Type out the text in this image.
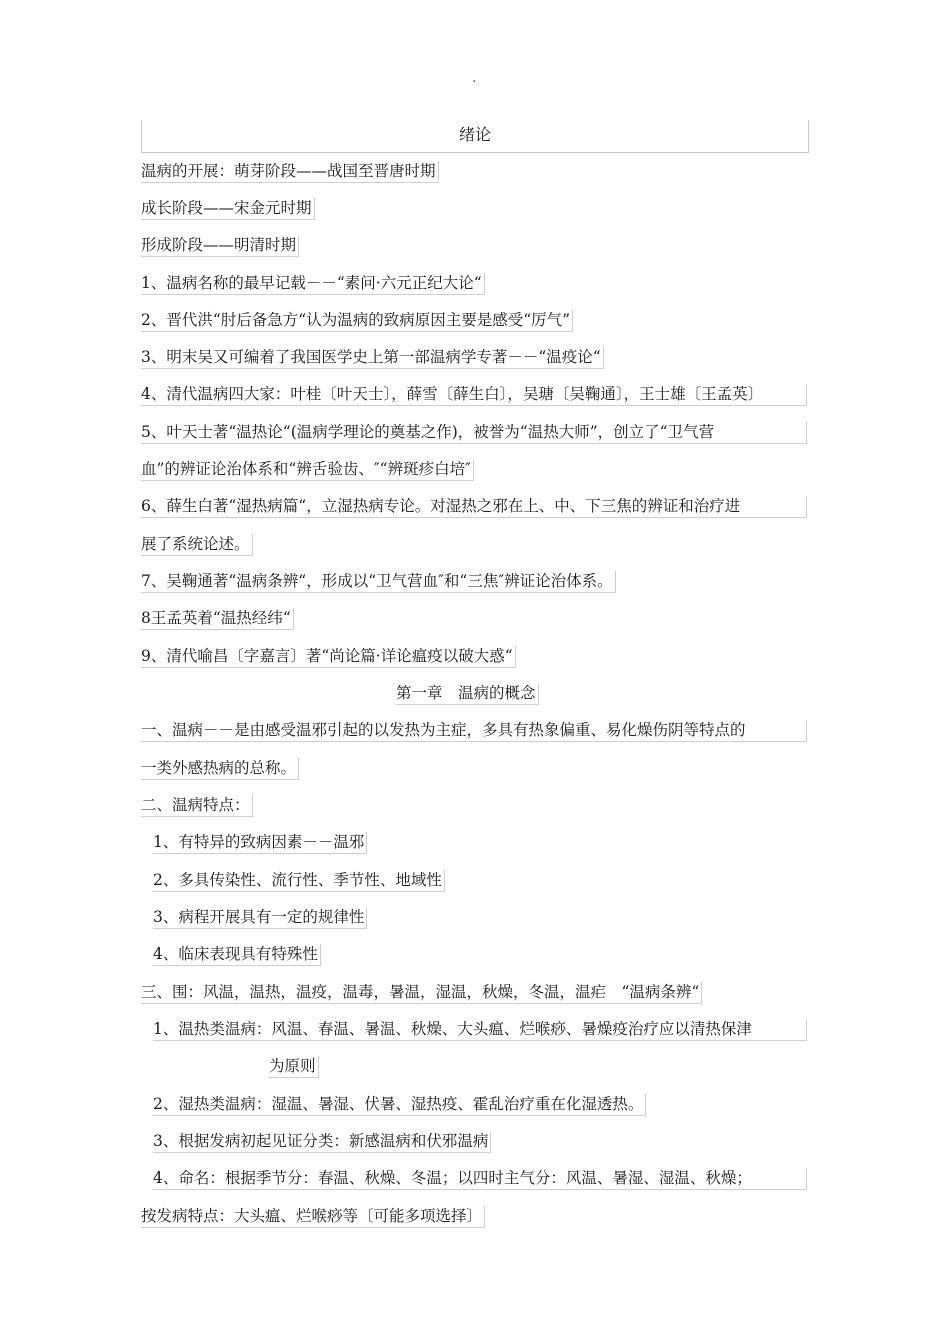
·
绪论
温病的开展：萌芽阶段——战国至晋唐时期
成长阶段——宋金元时期
形成阶段——明清时期
1、温病名称的最早记载－－“素问·六元正纪大论“
2、晋代洪“肘后备急方“认为温病的致病原因主要是感受“厉气”
3、明末吴又可编着了我国医学史上第一部温病学专著－－“温疫论“
4、清代温病四大家：叶桂〔叶天士〕，薛雪〔薛生白〕，吴瑭〔吴鞠通〕，王士雄〔王孟英〕
5、叶天士著“温热论“(温病学理论的奠基之作)，被誉为“温热大师”，创立了“卫气营
血”的辨证论治体系和“辨舌验齿、″“辨斑疹白培″
6、薛生白著“湿热病篇“，立湿热病专论。对湿热之邪在上、中、下三焦的辨证和治疗进
展了系统论述。
7、吴鞠通著“温病条辨“，形成以“卫气营血″和“三焦″辨证论治体系。
8王孟英着“温热经纬“
9、清代喻昌〔字嘉言〕著“尚论篇·详论瘟疫以破大惑“
第一章　温病的概念
一、温病－－是由感受温邪引起的以发热为主症，多具有热象偏重、易化燥伤阴等特点的
一类外感热病的总称。
二、温病特点：
1、有特异的致病因素－－温邪
2、多具传染性、流行性、季节性、地域性
3、病程开展具有一定的规律性
4、临床表现具有特殊性
三、围：风温，温热，温疫，温毒，暑温，湿温，秋燥，冬温，温疟　“温病条辨“
1、温热类温病：风温、春温、暑温、秋燥、大头瘟、烂喉痧、暑燥疫治疗应以清热保津
为原则
2、湿热类温病：湿温、暑湿、伏暑、湿热疫、霍乱治疗重在化湿透热。
3、根据发病初起见证分类：新感温病和伏邪温病
4、命名：根据季节分：春温、秋燥、冬温；以四时主气分：风温、暑湿、湿温、秋燥；
按发病特点：大头瘟、烂喉痧等〔可能多项选择〕
